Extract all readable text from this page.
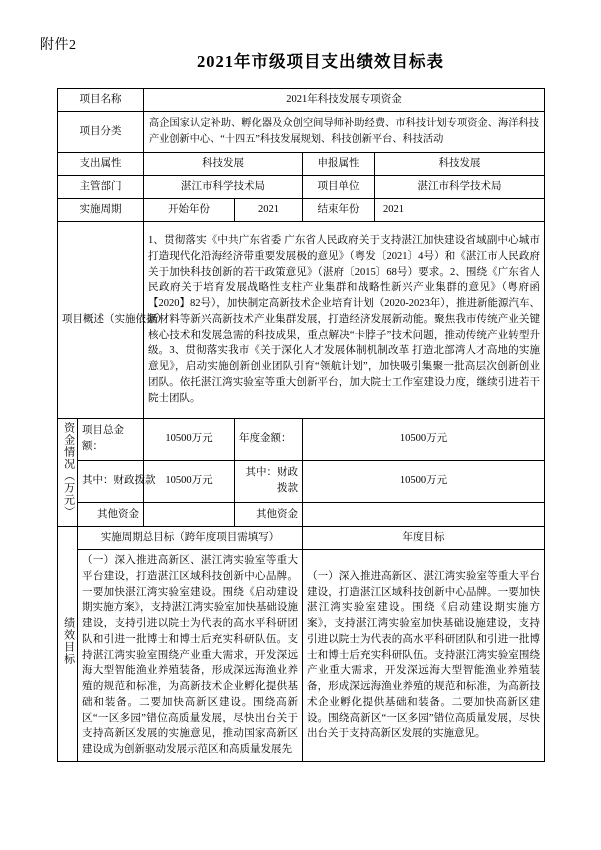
附件2
2021年市级项目支出绩效目标表
项目名称		2021年科技发展专项资金			
项目分类		高企国家认定补助、孵化器及众创空间导师补助经费、市科技计划专项资金、海洋科技产业创新中心、“十四五”科技发展规划、科技创新平台、科技活动			
支出属性		科技发展		申报属性	科技发展
主管部门		湛江市科学技术局		项目单位	湛江市科学技术局
实施周期		开始年份	2021	结束年份	2021
项目概述（实施依据）		1、贯彻落实《中共广东省委 广东省人民政府关于支持湛江加快建设省域副中心城市打造现代化沿海经济带重要发展极的意见》（粤发〔2021〕4号）和《湛江市人民政府关于加快科技创新的若干政策意见》（湛府〔2015〕68号）要求。2、围绕《广东省人民政府关于培育发展战略性支柱产业集群和战略性新兴产业集群的意见》（粤府函【2020】82号），加快制定高新技术企业培育计划（2020-2023年），推进新能源汽车、新材料等新兴高新技术产业集群发展，打造经济发展新动能。聚焦我市传统产业关键核心技术和发展急需的科技成果，重点解决“卡脖子”技术问题，推动传统产业转型升级。3、贯彻落实我市《关于深化人才发展体制机制改革 打造北部湾人才高地的实施意见》，启动实施创新创业团队引育“领航计划”，加快吸引集聚一批高层次创新创业团队。依托湛江湾实验室等重大创新平台，加大院士工作室建设力度，继续引进若干院士团队。			
资金情况（万元）	项目总金额：	10500万元	年度金额：	10500万元	
	其中：财政拨款	10500万元	其中：财政拨款	10500万元	
	其他资金		其他资金		
绩效目标	实施周期总目标（跨年度项目需填写）			年度目标	
（一）深入推进高新区、湛江湾实验室等重大平台建设，打造湛江区域科技创新中心品牌。一要加快湛江湾实验室建设。围绕《启动建设期实施方案》，支持湛江湾实验室加快基础设施建设，支持引进以院士为代表的高水平科研团队和引进一批博士和博士后充实科研队伍。支持湛江湾实验室围绕产业重大需求，开发深远海大型智能渔业养殖装备，形成深远海渔业养殖的规范和标准，为高新技术企业孵化提供基础和装备。二要加快高新区建设。围绕高新区“一区多园”错位高质量发展，尽快出台关于支持高新区发展的实施意见，推动国家高新区建设成为创新驱动发展示范区和高质量发展先	（一）深入推进高新区、湛江湾实验室等重大平台建设，打造湛江区域科技创新中心品牌。一要加快湛江湾实验室建设。围绕《启动建设期实施方案》，支持湛江湾实验室加快基础设施建设，支持引进以院士为代表的高水平科研团队和引进一批博士和博士后充实科研队伍。支持湛江湾实验室围绕产业重大需求，开发深远海大型智能渔业养殖装备，形成深远海渔业养殖的规范和标准，为高新技术企业孵化提供基础和装备。二要加快高新区建设。围绕高新区“一区多园”错位高质量发展，尽快出台关于支持高新区发展的实施意见。
